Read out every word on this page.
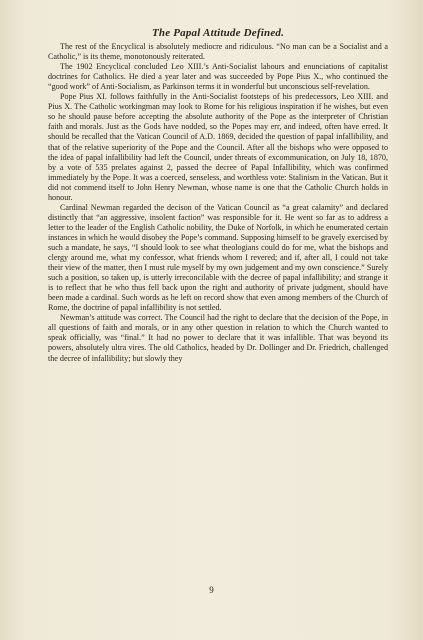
The Papal Attitude Defined.

The rest of the Encyclical is absolutely mediocre and ridiculous. “No man can be a Socialist and a Catholic,” is its theme, monotonously reiterated.

The 1902 Encyclical concluded Leo XIII.’s Anti-Socialist labours and enunciations of capitalist doctrines for Catholics. He died a year later and was succeeded by Pope Pius X., who continued the “good work” of Anti-Socialism, as Parkinson terms it in wonderful but unconscious self-revelation.

Pope Pius XI. follows faithfully in the Anti-Socialist footsteps of his predecessors, Leo XIII. and Pius X. The Catholic workingman may look to Rome for his religious inspiration if he wishes, but even so he should pause before accepting the absolute authority of the Pope as the interpreter of Christian faith and morals. Just as the Gods have nodded, so the Popes may err, and indeed, often have erred. It should be recalled that the Vatican Council of A.D. 1869, decided the question of papal infallibility, and that of the relative superiority of the Pope and the Council. After all the bishops who were opposed to the idea of papal infallibility had left the Council, under threats of excommunication, on July 18, 1870, by a vote of 535 prelates against 2, passed the decree of Papal Infallibility, which was confirmed immediately by the Pope. It was a coerced, senseless, and worthless vote: Stalinism in the Vatican. But it did not commend itself to John Henry Newman, whose name is one that the Catholic Church holds in honour.

Cardinal Newman regarded the decison of the Vatican Council as “a great calamity” and declared distinctly that “an aggressive, insolent faction” was responsible for it. He went so far as to address a letter to the leader of the English Catholic nobility, the Duke of Norfolk, in which he enumerated certain instances in which he would disobey the Pope’s command. Supposing himself to be gravely exercised by such a mandate, he says, “I should look to see what theologians could do for me, what the bishops and clergy around me, what my confessor, what friends whom I revered; and if, after all, I could not take their view of the matter, then I must rule myself by my own judgement and my own conscience.” Surely such a position, so taken up, is utterly irreconcilable with the decree of papal infallibility; and strange it is to reflect that he who thus fell back upon the right and authority of private judgment, should have been made a cardinal. Such words as he left on record show that even among members of the Church of Rome, the doctrine of papal infallibility is not settled.

Newman’s attitude was correct. The Council had the right to declare that the decision of the Pope, in all questions of faith and morals, or in any other question in relation to which the Church wanted to speak officially, was “final.” It had no power to declare that it was infallible. That was beyond its powers, absolutely ultra vires. The old Catholics, headed by Dr. Dollinger and Dr. Friedrich, challenged the decree of infallibility; but slowly they

9
